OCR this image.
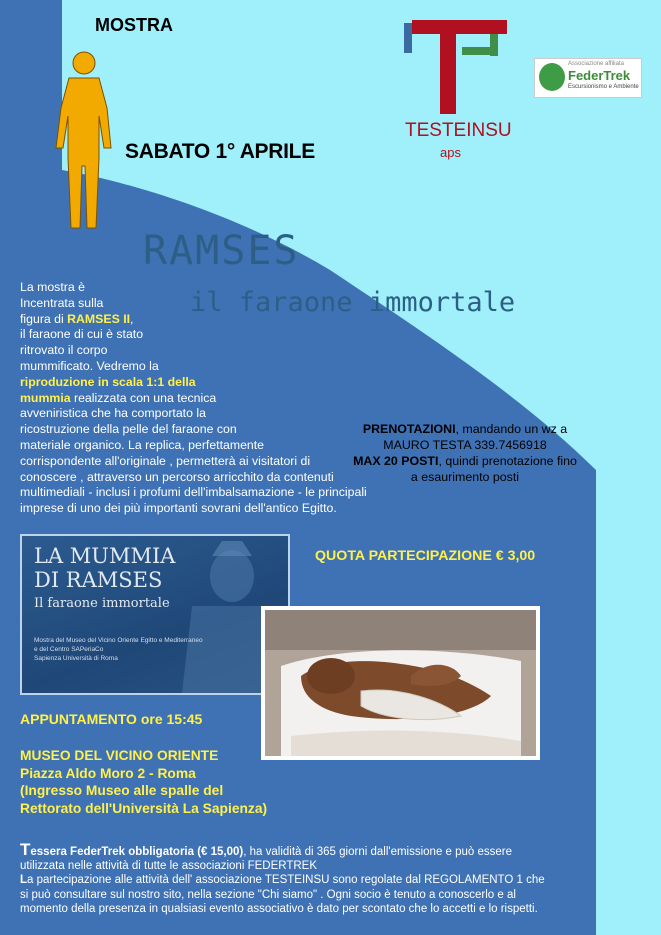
MOSTRA
TESTEINSU
aps
Associazione affiliata
FederTrek
Escursionismo e Ambiente
SABATO 1° APRILE
RAMSES
il faraone immortale
La mostra è
Incentrata sulla
figura di RAMSES II,
il faraone di cui è stato
ritrovato il corpo
mummificato. Vedremo la
riproduzione in scala 1:1 della
mummia realizzata con una tecnica
avveniristica che ha comportato la
ricostruzione della pelle del faraone con
materiale organico. La replica, perfettamente
corrispondente all'originale , permetterà ai visitatori di
conoscere , attraverso un percorso arricchito da contenuti
multimediali - inclusi i profumi dell'imbalsamazione - le principali
imprese di uno dei più importanti sovrani dell'antico Egitto.
PRENOTAZIONI, mandando un wz a
MAURO TESTA 339.7456918
MAX 20 POSTI, quindi prenotazione fino
a esaurimento posti
QUOTA PARTECIPAZIONE € 3,00
LA MUMMIA
DI RAMSES
Il faraone immortale
Mostra del Museo del Vicino Oriente Egitto e Mediterraneo
e del Centro SAPeriaCo
Sapienza Università di Roma
APPUNTAMENTO ore 15:45
MUSEO DEL VICINO ORIENTE
Piazza Aldo Moro 2 - Roma
(Ingresso Museo alle spalle del
Rettorato dell'Università La Sapienza)
Tessera FederTrek obbligatoria (€ 15,00), ha validità di 365 giorni dall'emissione e può essere
utilizzata nelle attività di tutte le associazioni FEDERTREK
La partecipazione alle attività dell' associazione TESTEINSU sono regolate dal REGOLAMENTO 1 che
si può consultare sul nostro sito, nella sezione "Chi siamo" . Ogni socio è tenuto a conoscerlo e al
momento della presenza in qualsiasi evento associativo è dato per scontato che lo accetti e lo rispetti.
